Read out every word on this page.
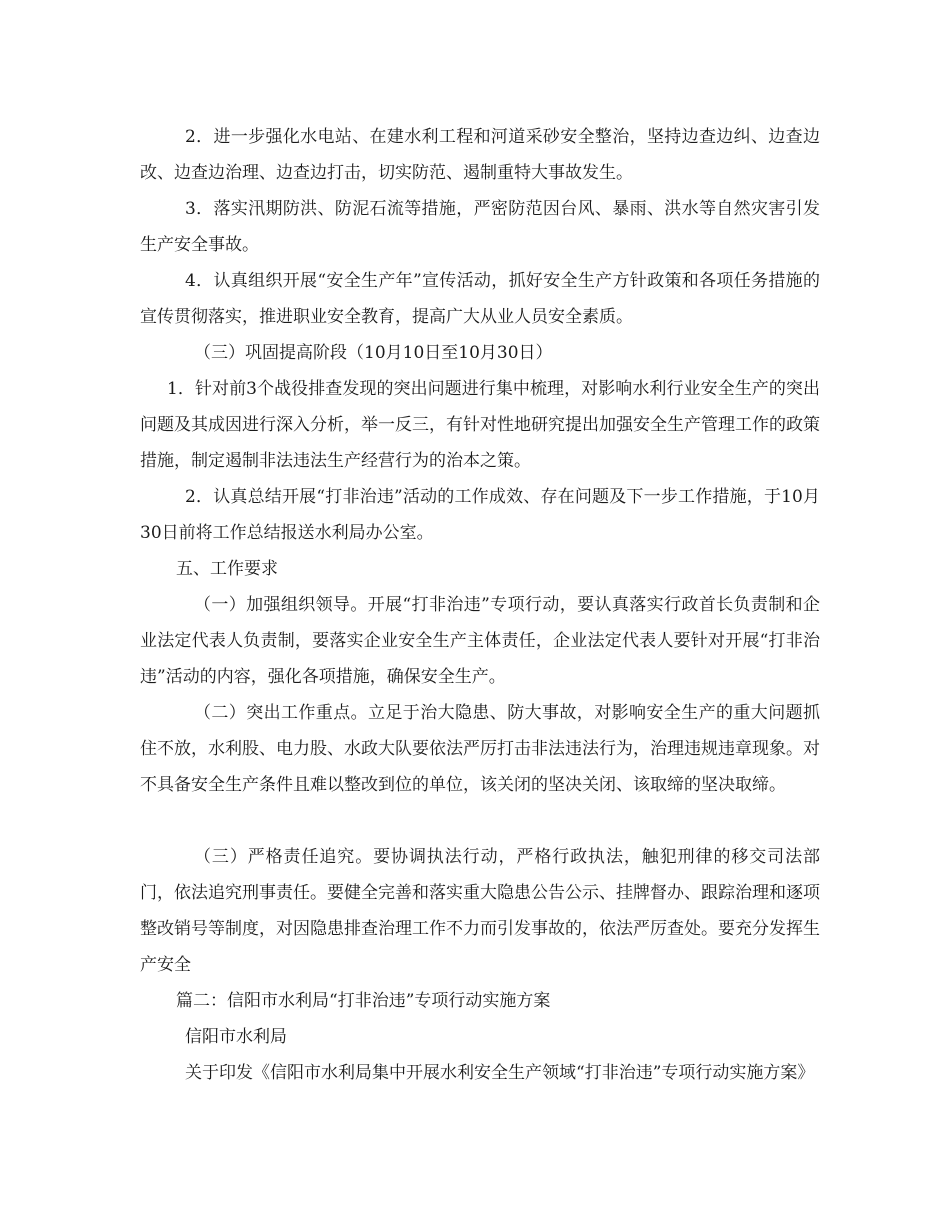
2．进一步强化水电站、在建水利工程和河道采砂安全整治，坚持边查边纠、边查边改、边查边治理、边查边打击，切实防范、遏制重特大事故发生。

3．落实汛期防洪、防泥石流等措施，严密防范因台风、暴雨、洪水等自然灾害引发生产安全事故。

4．认真组织开展“安全生产年”宣传活动，抓好安全生产方针政策和各项任务措施的宣传贯彻落实，推进职业安全教育，提高广大从业人员安全素质。

（三）巩固提高阶段（10月10日至10月30日）

1．针对前3个战役排查发现的突出问题进行集中梳理，对影响水利行业安全生产的突出问题及其成因进行深入分析，举一反三，有针对性地研究提出加强安全生产管理工作的政策措施，制定遏制非法违法生产经营行为的治本之策。

2．认真总结开展“打非治违”活动的工作成效、存在问题及下一步工作措施，于10月30日前将工作总结报送水利局办公室。

五、工作要求

（一）加强组织领导。开展“打非治违”专项行动，要认真落实行政首长负责制和企业法定代表人负责制，要落实企业安全生产主体责任，企业法定代表人要针对开展“打非治违”活动的内容，强化各项措施，确保安全生产。

（二）突出工作重点。立足于治大隐患、防大事故，对影响安全生产的重大问题抓住不放，水利股、电力股、水政大队要依法严厉打击非法违法行为，治理违规违章现象。对不具备安全生产条件且难以整改到位的单位，该关闭的坚决关闭、该取缔的坚决取缔。

（三）严格责任追究。要协调执法行动，严格行政执法，触犯刑律的移交司法部门，依法追究刑事责任。要健全完善和落实重大隐患公告公示、挂牌督办、跟踪治理和逐项整改销号等制度，对因隐患排查治理工作不力而引发事故的，依法严厉查处。要充分发挥生产安全

篇二：信阳市水利局“打非治违”专项行动实施方案

信阳市水利局

关于印发《信阳市水利局集中开展水利安全生产领域“打非治违”专项行动实施方案》
